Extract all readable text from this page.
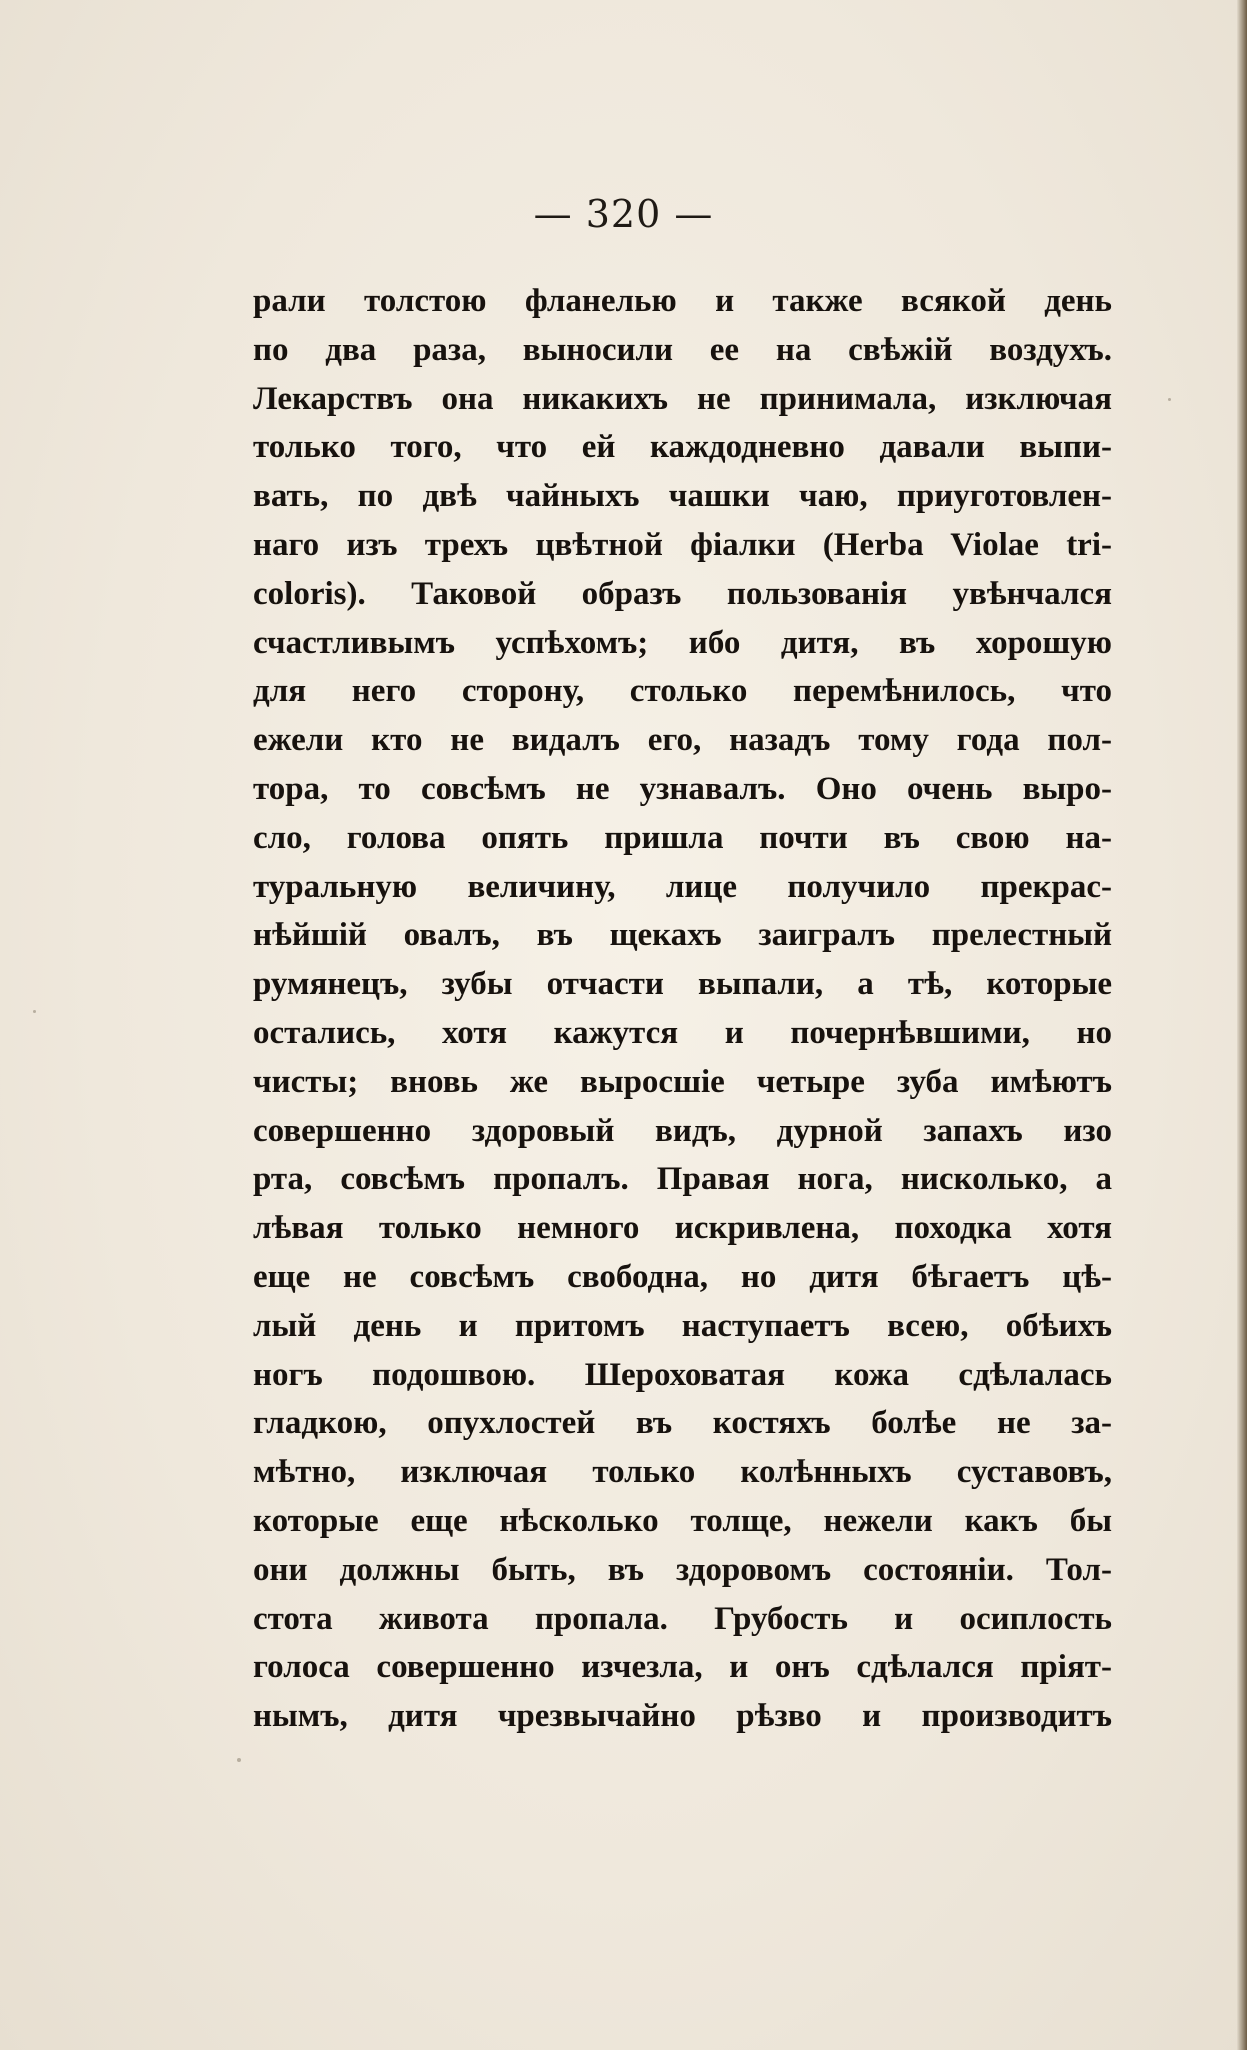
— 320 —
рали толстою фланелью и также всякой день
по два раза, выносили ее на свѣжій воздухъ.
Лекарствъ она никакихъ не принимала, изключая
только того, что ей каждодневно давали выпи-
вать, по двѣ чайныхъ чашки чаю, приуготовлен-
наго изъ трехъ цвѣтной фіалки (Herba Violae tri-
coloris). Таковой образъ пользованія увѣнчался
счастливымъ успѣхомъ; ибо дитя, въ хорошую
для него сторону, столько перемѣнилось, что
ежели кто не видалъ его, назадъ тому года пол-
тора, то совсѣмъ не узнавалъ. Оно очень выро-
сло, голова опять пришла почти въ свою на-
туральную величину, лице получило прекрас-
нѣйшій овалъ, въ щекахъ заигралъ прелестный
румянецъ, зубы отчасти выпали, а тѣ, которые
остались, хотя кажутся и почернѣвшими, но
чисты; вновь же выросшіе четыре зуба имѣютъ
совершенно здоровый видъ, дурной запахъ изо
рта, совсѣмъ пропалъ. Правая нога, нисколько, а
лѣвая только немного искривлена, походка хотя
еще не совсѣмъ свободна, но дитя бѣгаетъ цѣ-
лый день и притомъ наступаетъ всею, обѣихъ
ногъ подошвою. Шероховатая кожа сдѣлалась
гладкою, опухлостей въ костяхъ болѣе не за-
мѣтно, изключая только колѣнныхъ суставовъ,
которые еще нѣсколько толще, нежели какъ бы
они должны быть, въ здоровомъ состояніи. Тол-
стота живота пропала. Грубость и осиплость
голоса совершенно изчезла, и онъ сдѣлался пріят-
нымъ, дитя чрезвычайно рѣзво и производитъ
